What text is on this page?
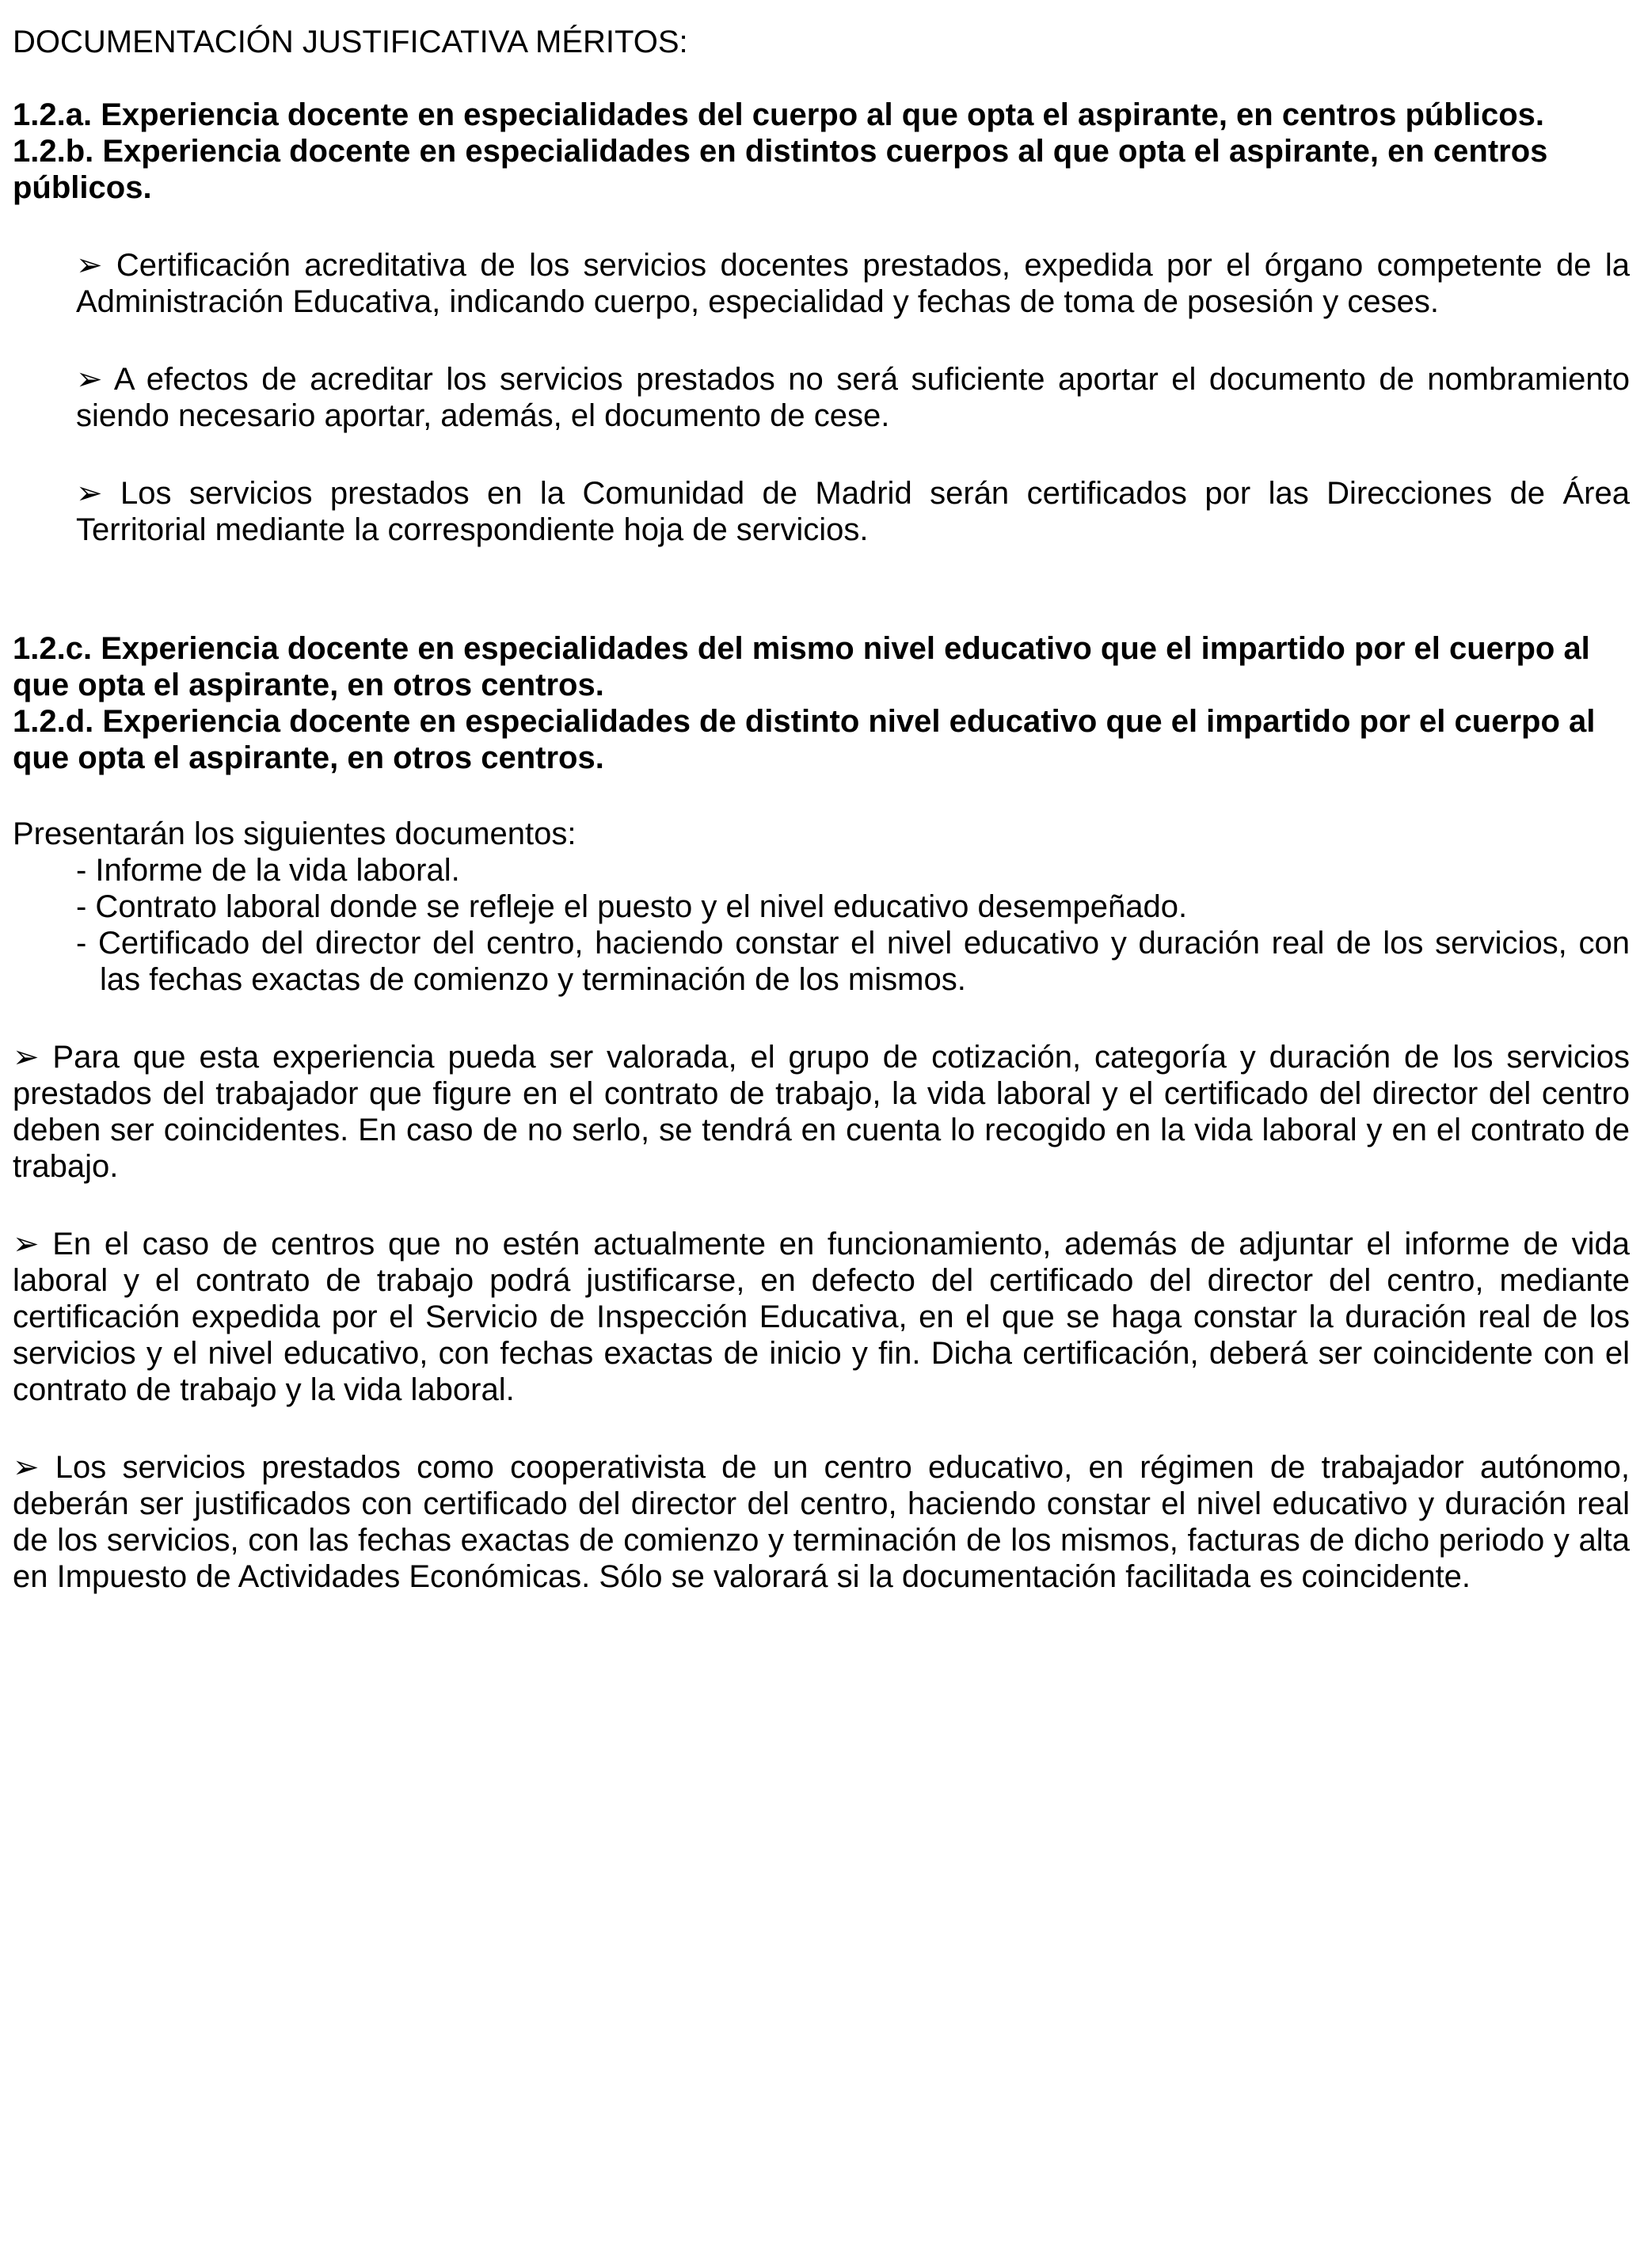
DOCUMENTACIÓN JUSTIFICATIVA MÉRITOS:

1.2.a. Experiencia docente en especialidades del cuerpo al que opta el aspirante, en centros públicos.

1.2.b. Experiencia docente en especialidades en distintos cuerpos al que opta el aspirante, en centros públicos.

➢ Certificación acreditativa de los servicios docentes prestados, expedida por el órgano competente de la Administración Educativa, indicando cuerpo, especialidad y fechas de toma de posesión y ceses.

➢ A efectos de acreditar los servicios prestados no será suficiente aportar el documento de nombramiento siendo necesario aportar, además, el documento de cese.

➢ Los servicios prestados en la Comunidad de Madrid serán certificados por las Direcciones de Área Territorial mediante la correspondiente hoja de servicios.

1.2.c. Experiencia docente en especialidades del mismo nivel educativo que el impartido por el cuerpo al que opta el aspirante, en otros centros.

1.2.d. Experiencia docente en especialidades de distinto nivel educativo que el impartido por el cuerpo al que opta el aspirante, en otros centros.

Presentarán los siguientes documentos:

- Informe de la vida laboral.

- Contrato laboral donde se refleje el puesto y el nivel educativo desempeñado.

- Certificado del director del centro, haciendo constar el nivel educativo y duración real de los servicios, con las fechas exactas de comienzo y terminación de los mismos.

➢ Para que esta experiencia pueda ser valorada, el grupo de cotización, categoría y duración de los servicios prestados del trabajador que figure en el contrato de trabajo, la vida laboral y el certificado del director del centro deben ser coincidentes. En caso de no serlo, se tendrá en cuenta lo recogido en la vida laboral y en el contrato de trabajo.

➢ En el caso de centros que no estén actualmente en funcionamiento, además de adjuntar el informe de vida laboral y el contrato de trabajo podrá justificarse, en defecto del certificado del director del centro, mediante certificación expedida por el Servicio de Inspección Educativa, en el que se haga constar la duración real de los servicios y el nivel educativo, con fechas exactas de inicio y fin. Dicha certificación, deberá ser coincidente con el contrato de trabajo y la vida laboral.

➢ Los servicios prestados como cooperativista de un centro educativo, en régimen de trabajador autónomo, deberán ser justificados con certificado del director del centro, haciendo constar el nivel educativo y duración real de los servicios, con las fechas exactas de comienzo y terminación de los mismos, facturas de dicho periodo y alta en Impuesto de Actividades Económicas. Sólo se valorará si la documentación facilitada es coincidente.
